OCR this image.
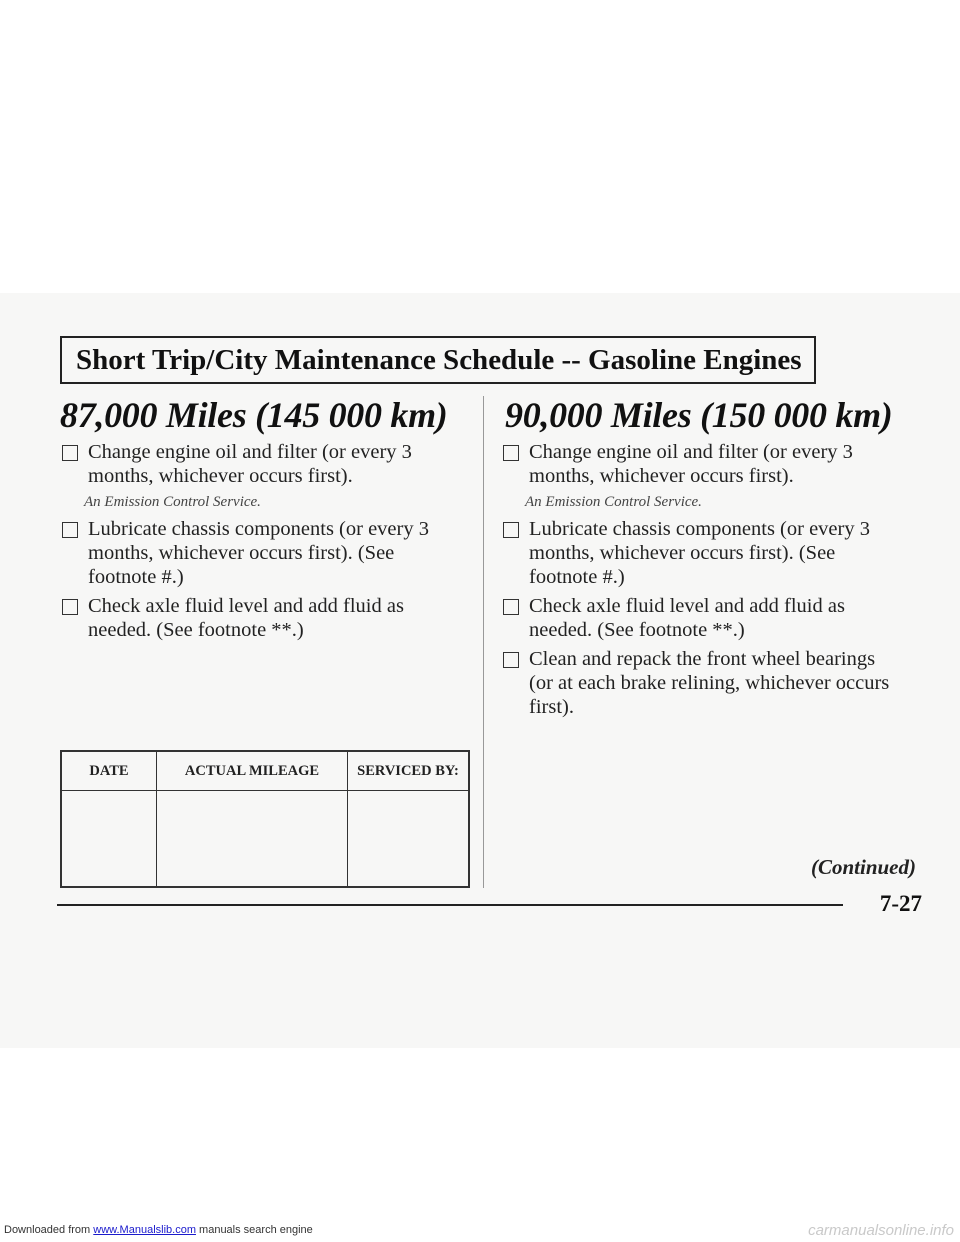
Short Trip/City Maintenance Schedule -- Gasoline Engines
87,000 Miles (145 000 km)
Change engine oil and filter (or every 3 months, whichever occurs first).
An Emission Control Service.
Lubricate chassis components (or every 3 months, whichever occurs first). (See footnote #.)
Check axle fluid level and add fluid as needed. (See footnote **.)
DATE	ACTUAL MILEAGE	SERVICED BY:

90,000 Miles (150 000 km)
Change engine oil and filter (or every 3 months, whichever occurs first).
An Emission Control Service.
Lubricate chassis components (or every 3 months, whichever occurs first). (See footnote #.)
Check axle fluid level and add fluid as needed. (See footnote **.)
Clean and repack the front wheel bearings (or at each brake relining, whichever occurs first).
(Continued)
7-27
Downloaded from www.Manualslib.com manuals search engine	carmanualsonline.info
